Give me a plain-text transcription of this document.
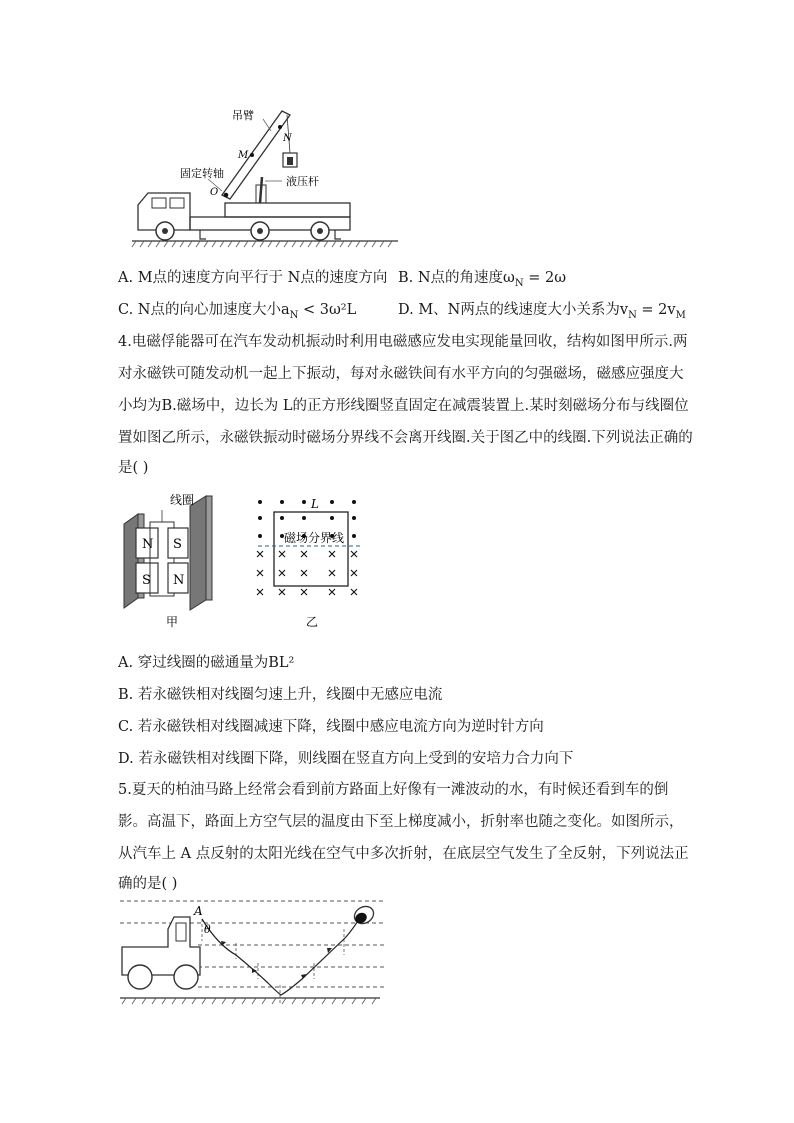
吊臂
N
M
固定转轴
O
液压杆
A. M点的速度方向平行于 N点的速度方向 B. N点的角速度$\omega_N = 2\omega$
C. N点的向心加速度大小$a_N < 3\omega^2L$	D. M、N两点的线速度大小关系为$v_N = 2v_M$
4.电磁俘能器可在汽车发动机振动时利用电磁感应发电实现能量回收，结构如图甲所示.两
对永磁铁可随发动机一起上下振动，每对永磁铁间有水平方向的匀强磁场，磁感应强度大
小均为B.磁场中，边长为 L的正方形线圈竖直固定在减震装置上.某时刻磁场分布与线圈位
置如图乙所示，永磁铁振动时磁场分界线不会离开线圈.关于图乙中的线圈.下列说法正确的
是( )
N
S
S
N
线圈
甲
L
磁场分界线
乙
A. 穿过线圈的磁通量为BL²
B. 若永磁铁相对线圈匀速上升，线圈中无感应电流
C. 若永磁铁相对线圈减速下降，线圈中感应电流方向为逆时针方向
D. 若永磁铁相对线圈下降，则线圈在竖直方向上受到的安培力合力向下
5.夏天的柏油马路上经常会看到前方路面上好像有一滩波动的水，有时候还看到车的倒
影。高温下，路面上方空气层的温度由下至上梯度减小，折射率也随之变化。如图所示，
从汽车上 A 点反射的太阳光线在空气中多次折射，在底层空气发生了全反射，下列说法正
确的是( )
A
θ
